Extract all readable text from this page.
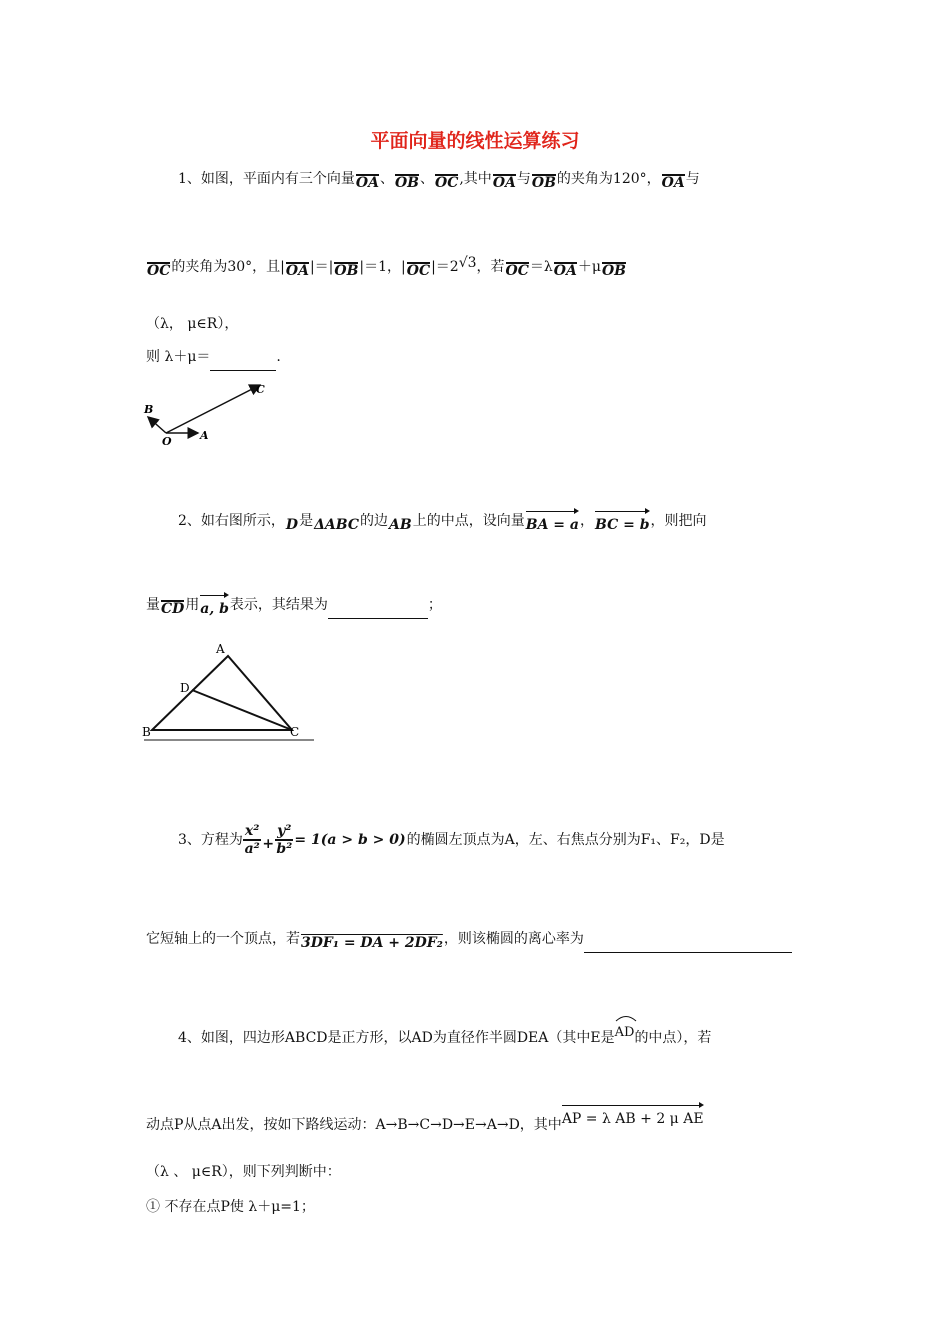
平面向量的线性运算练习
1、如图，平面内有三个向量OA、OB、OC,其中OA与OB的夹角为120°，OA与
OC的夹角为30°，且|OA|＝|OB|＝1，|OC|＝2√3，若OC＝λOA＋μOB
（λ， μ∈R），
则 λ＋μ＝	.
B
O	A
C
2、如右图所示，D是ΔABC的边AB上的中点，设向量BA = a，BC = b，则把向
量CD用a, b表示，其结果为	；
A
D
B	C
3、方程为 $\frac{\text{x²}}{\text{a²}} + \frac{\text{y²}}{\text{b²}} = 1(a > b > 0)$的椭圆左顶点为A，左、右焦点分别为F₁、F₂，D是
它短轴上的一个顶点，若3DF₁ = DA + 2DF₂，则该椭圆的离心率为
4、如图，四边形ABCD是正方形，以AD为直径作半圆DEA（其中E是
AD的中点），若
动点P从点A出发，按如下路线运动：A→B→C→D→E→A→D，其中AP = λ AB + 2 μ AE
（λ 、 μ∈R），则下列判断中：
① 不存在点P使 λ＋μ=1；
